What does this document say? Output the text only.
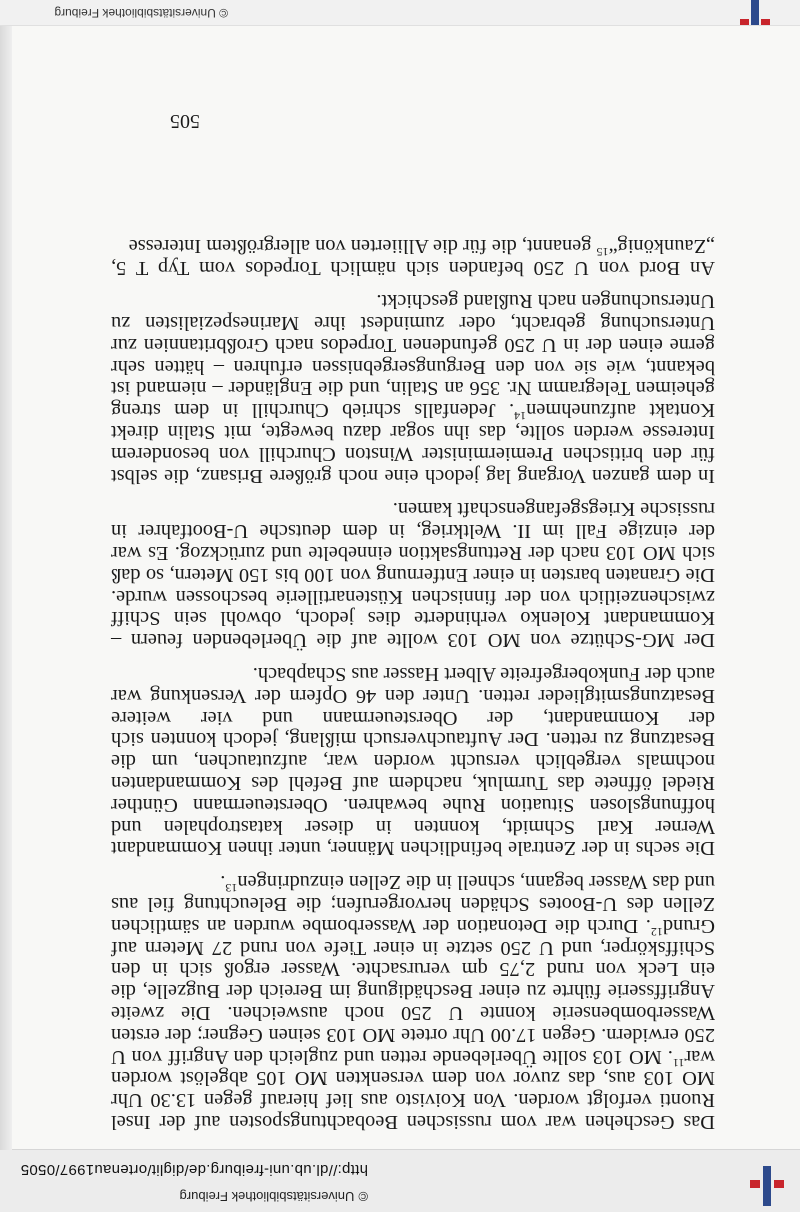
©Universitätsbibliothek Freiburg
http://dl.ub.uni-freiburg.de/diglit/ortenau1997/0505
505

Das Geschehen war vom russischen Beobachtungsposten auf der Insel Ruonti verfolgt worden. Von Koivisto aus lief hierauf gegen 13.30 Uhr MO 103 aus, das zuvor von dem versenkten MO 105 abgelöst worden war$^{11}$. MO 103 sollte Überlebende retten und zugleich den Angriff von U 250 erwidern. Gegen 17.00 Uhr ortete MO 103 seinen Gegner; der ersten Wasserbombenserie konnte U 250 noch ausweichen. Die zweite Angriffsserie führte zu einer Beschädigung im Bereich der Bugzelle, die ein Leck von rund 2,75 qm verursachte. Wasser ergoß sich in den Schiffskörper, und U 250 setzte in einer Tiefe von rund 27 Metern auf Grund$^{12}$. Durch die Detonation der Wasserbombe wurden an sämtlichen Zellen des U-Bootes Schäden hervorgerufen; die Beleuchtung fiel aus und das Wasser begann, schnell in die Zellen einzudringen$^{13}$.

Die sechs in der Zentrale befindlichen Männer, unter ihnen Kommandant Werner Karl Schmidt, konnten in dieser katastrophalen und hoffnungslosen Situation Ruhe bewahren. Obersteuermann Günther Riedel öffnete das Turmluk, nachdem auf Befehl des Kommandanten nochmals vergeblich versucht worden war, aufzutauchen, um die Besatzung zu retten. Der Auftauchversuch mißlang, jedoch konnten sich der Kommandant, der Obersteuermann und vier weitere Besatzungsmitglieder retten. Unter den 46 Opfern der Versenkung war auch der Funkobergefreite Albert Hasser aus Schapbach.

Der MG-Schütze von MO 103 wollte auf die Überlebenden feuern – Kommandant Kolenko verhinderte dies jedoch, obwohl sein Schiff zwischenzeitlich von der finnischen Küstenartillerie beschossen wurde. Die Granaten barsten in einer Entfernung von 100 bis 150 Metern, so daß sich MO 103 nach der Rettungsaktion einnebelte und zurückzog. Es war der einzige Fall im II. Weltkrieg, in dem deutsche U-Bootfahrer in russische Kriegsgefangenschaft kamen.

In dem ganzen Vorgang lag jedoch eine noch größere Brisanz, die selbst für den britischen Premierminister Winston Churchill von besonderem Interesse werden sollte, das ihn sogar dazu bewegte, mit Stalin direkt Kontakt aufzunehmen$^{14}$. Jedenfalls schrieb Churchill in dem streng geheimen Telegramm Nr. 356 an Stalin, und die Engländer – niemand ist bekannt, wie sie von den Bergungsergebnissen erfuhren – hätten sehr gerne einen der in U 250 gefundenen Torpedos nach Großbritannien zur Untersuchung gebracht, oder zumindest ihre Marinespezialisten zu Untersuchungen nach Rußland geschickt.

An Bord von U 250 befanden sich nämlich Torpedos vom Typ T 5, „Zaunkönig“$^{15}$ genannt, die für die Alliierten von allergrößtem Interesse

© Universitätsbibliothek Freiburg
